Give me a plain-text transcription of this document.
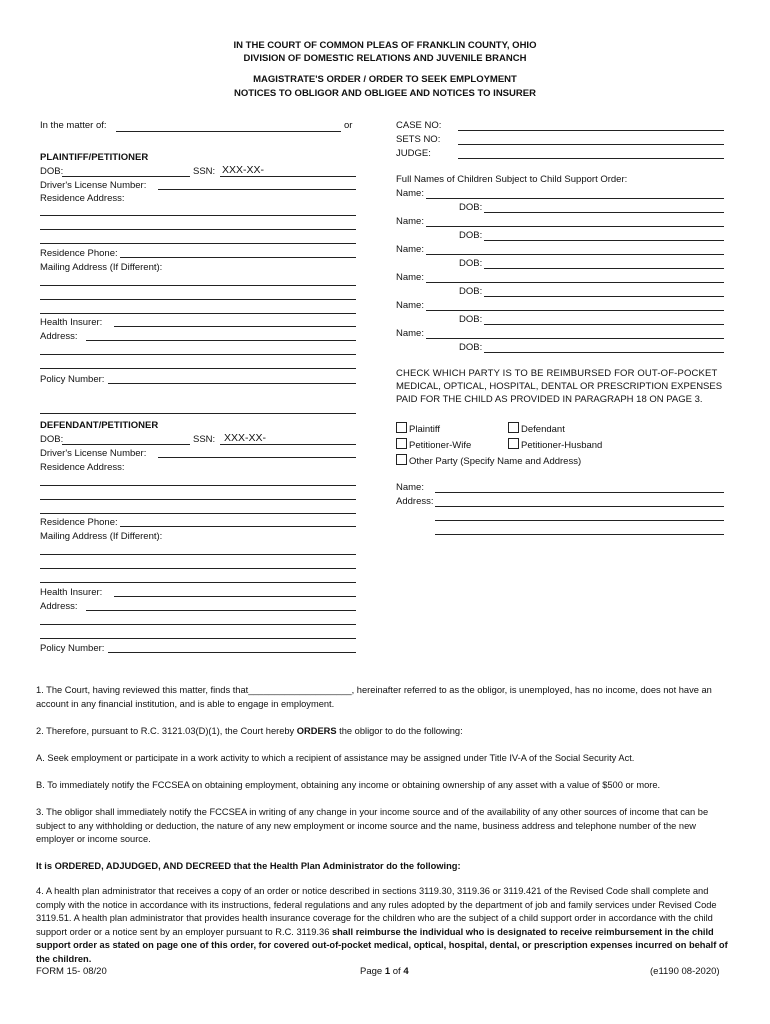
IN THE COURT OF COMMON PLEAS OF FRANKLIN COUNTY, OHIO
DIVISION OF DOMESTIC RELATIONS AND JUVENILE BRANCH
MAGISTRATE'S ORDER / ORDER TO SEEK EMPLOYMENT
NOTICES TO OBLIGOR AND OBLIGEE AND NOTICES TO INSURER
In the matter of:	or
PLAINTIFF/PETITIONER
DOB:	SSN: XXX-XX-
Driver's License Number:
Residence Address:
Residence Phone:
Mailing Address (If Different):
Health Insurer:
Address:
Policy Number:
DEFENDANT/PETITIONER
DOB:	SSN: XXX-XX-
Driver's License Number:
Residence Address:
Residence Phone:
Mailing Address (If Different):
Health Insurer:
Address:
Policy Number:
CASE NO:
SETS NO:
JUDGE:
Full Names of Children Subject to Child Support Order:
Name:
DOB:
Name:
DOB:
Name:
DOB:
Name:
DOB:
Name:
DOB:
Name:
DOB:
CHECK WHICH PARTY IS TO BE REIMBURSED FOR OUT-OF-POCKET
MEDICAL, OPTICAL, HOSPITAL, DENTAL OR PRESCRIPTION EXPENSES
PAID FOR THE CHILD AS PROVIDED IN PARAGRAPH 18 ON PAGE 3.
Plaintiff	Defendant
Petitioner-Wife	Petitioner-Husband
Other Party (Specify Name and Address)
Name:
Address:
1. The Court, having reviewed this matter, finds that____________________, hereinafter referred to as the obligor, is unemployed, has no income, does not have an account in any financial institution, and is able to engage in employment.
2. Therefore, pursuant to R.C. 3121.03(D)(1), the Court hereby ORDERS the obligor to do the following:
A. Seek employment or participate in a work activity to which a recipient of assistance may be assigned under Title IV-A of the Social Security Act.
B. To immediately notify the FCCSEA on obtaining employment, obtaining any income or obtaining ownership of any asset with a value of $500 or more.
3. The obligor shall immediately notify the FCCSEA in writing of any change in your income source and of the availability of any other sources of income that can be subject to any withholding or deduction, the nature of any new employment or income source and the name, business address and telephone number of the new employer or income source.
It is ORDERED, ADJUDGED, AND DECREED that the Health Plan Administrator do the following:
4. A health plan administrator that receives a copy of an order or notice described in sections 3119.30, 3119.36 or 3119.421 of the Revised Code shall complete and comply with the notice in accordance with its instructions, federal regulations and any rules adopted by the department of job and family services under Revised Code 3119.51. A health plan administrator that provides health insurance coverage for the children who are the subject of a child support order in accordance with the child support order or a notice sent by an employer pursuant to R.C. 3119.36 shall reimburse the individual who is designated to receive reimbursement in the child support order as stated on page one of this order, for covered out-of-pocket medical, optical, hospital, dental, or prescription expenses incurred on behalf of the children.
FORM 15- 08/20	Page 1 of 4	(e1190 08-2020)
